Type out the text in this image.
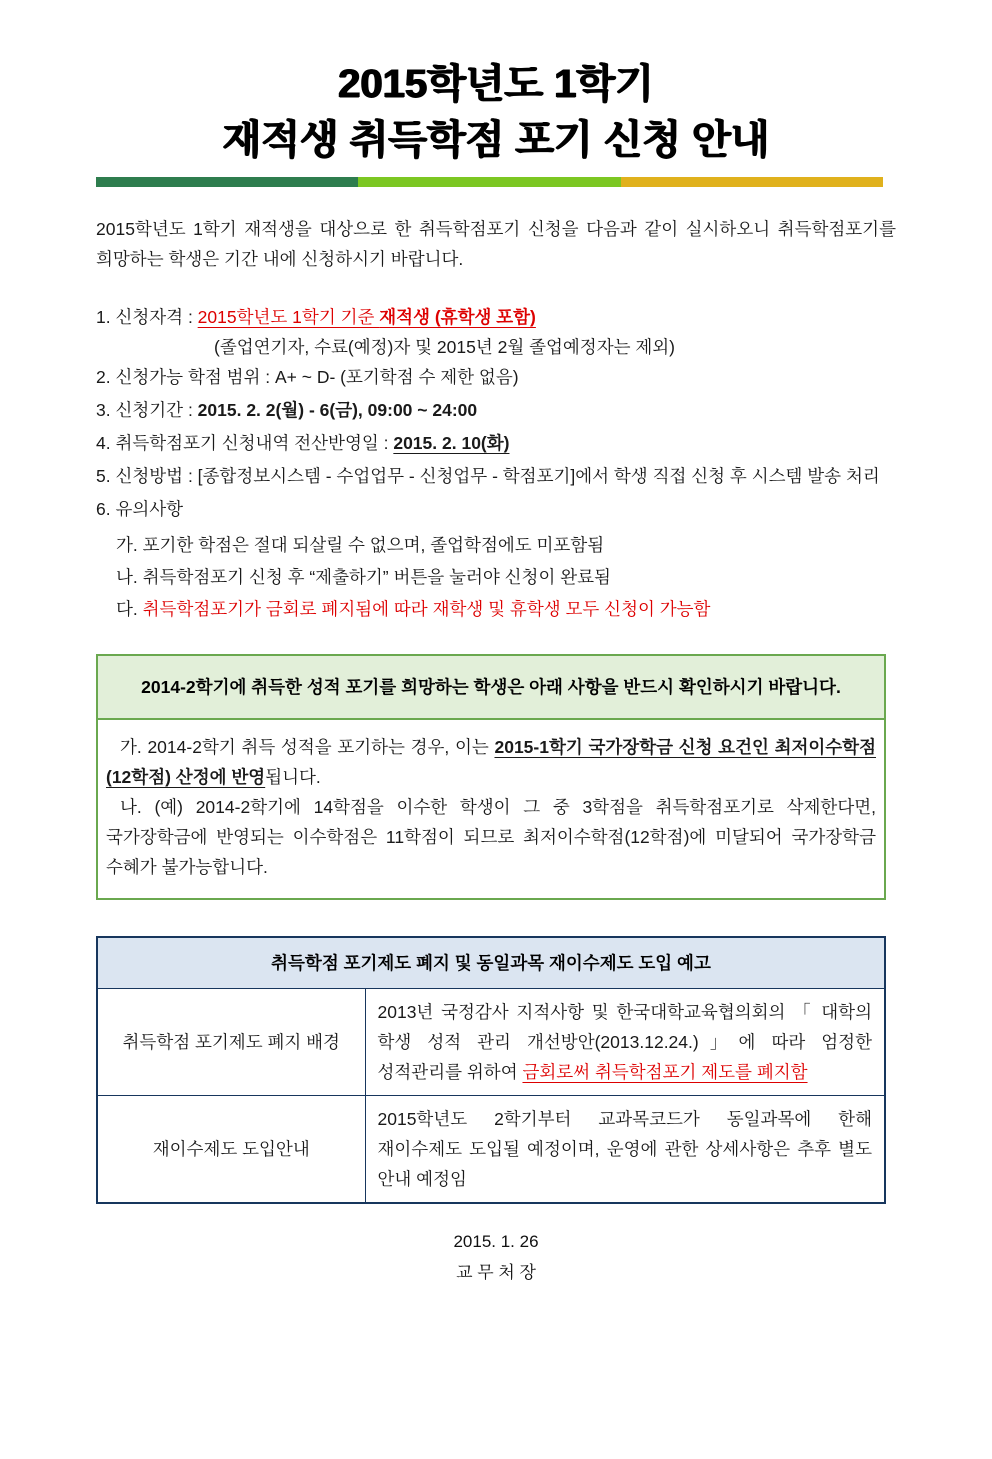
2015학년도 1학기
재적생 취득학점 포기 신청 안내

2015학년도 1학기 재적생을 대상으로 한 취득학점포기 신청을 다음과 같이 실시하오니 취득학점포기를 희망하는 학생은 기간 내에 신청하시기 바랍니다.

1. 신청자격 : 2015학년도 1학기 기준 재적생 (휴학생 포함)

(졸업연기자, 수료(예정)자 및 2015년 2월 졸업예정자는 제외)

2. 신청가능 학점 범위 : A+ ~ D- (포기학점 수 제한 없음)

3. 신청기간 : 2015. 2. 2(월) - 6(금), 09:00 ~ 24:00

4. 취득학점포기 신청내역 전산반영일 : 2015. 2. 10(화)

5. 신청방법 : [종합정보시스템 - 수업업무 - 신청업무 - 학점포기]에서 학생 직접 신청 후 시스템 발송 처리

6. 유의사항

가. 포기한 학점은 절대 되살릴 수 없으며, 졸업학점에도 미포함됨

나. 취득학점포기 신청 후 “제출하기” 버튼을 눌러야 신청이 완료됨

다. 취득학점포기가 금회로 폐지됨에 따라 재학생 및 휴학생 모두 신청이 가능함

2014-2학기에 취득한 성적 포기를 희망하는 학생은 아래 사항을 반드시 확인하시기 바랍니다.

가. 2014-2학기 취득 성적을 포기하는 경우, 이는 2015-1학기 국가장학금 신청 요건인 최저이수학점(12학점) 산정에 반영됩니다.

나. (예) 2014-2학기에 14학점을 이수한 학생이 그 중 3학점을 취득학점포기로 삭제한다면, 국가장학금에 반영되는 이수학점은 11학점이 되므로 최저이수학점(12학점)에 미달되어 국가장학금 수혜가 불가능합니다.

취득학점 포기제도 폐지 및 동일과목 재이수제도 도입 예고	
취득학점 포기제도 폐지 배경	2013년 국정감사 지적사항 및 한국대학교육협의회의 「 대학의 학생 성적 관리 개선방안(2013.12.24.)」에 따라 엄정한 성적관리를 위하여 금회로써 취득학점포기 제도를 폐지함
재이수제도 도입안내	2015학년도 2학기부터 교과목코드가 동일과목에 한해 재이수제도 도입될 예정이며, 운영에 관한 상세사항은 추후 별도 안내 예정임
2015. 1. 26
교 무 처 장
